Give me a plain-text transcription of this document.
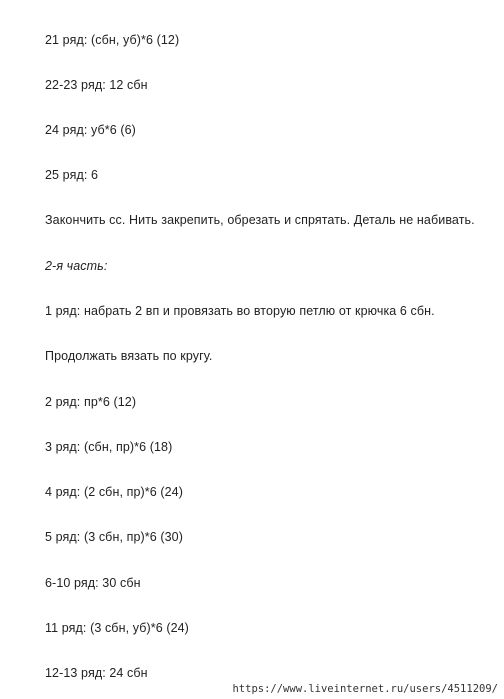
21 ряд: (сбн, уб)*6 (12)
22-23 ряд: 12 сбн
24 ряд: уб*6 (6)
25 ряд: 6
Закончить сс. Нить закрепить, обрезать и спрятать. Деталь не набивать.
2-я часть:
1 ряд: набрать 2 вп и провязать во вторую петлю от крючка 6 сбн.
Продолжать вязать по кругу.
2 ряд: пр*6 (12)
3 ряд: (сбн, пр)*6 (18)
4 ряд: (2 сбн, пр)*6 (24)
5 ряд: (3 сбн, пр)*6 (30)
6-10 ряд: 30 сбн
11 ряд: (3 сбн, уб)*6 (24)
12-13 ряд: 24 сбн
https://www.liveinternet.ru/users/4511209/
